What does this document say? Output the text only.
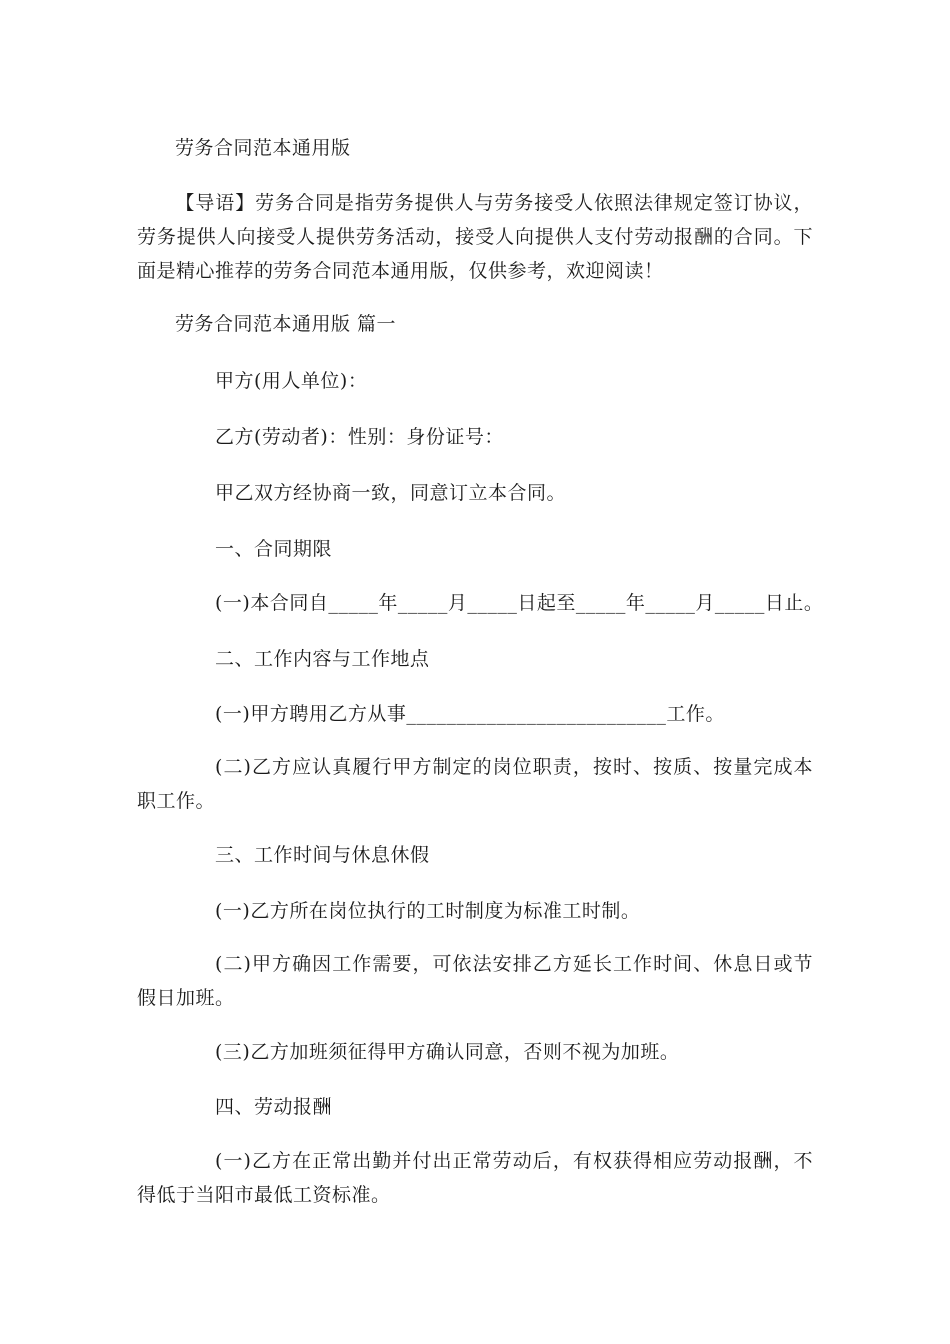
劳务合同范本通用版
【导语】劳务合同是指劳务提供人与劳务接受人依照法律规定签订协议，劳务提供人向接受人提供劳务活动，接受人向提供人支付劳动报酬的合同。下面是精心推荐的劳务合同范本通用版，仅供参考，欢迎阅读！
劳务合同范本通用版 篇一
甲方(用人单位)：
乙方(劳动者)：性别：身份证号：
甲乙双方经协商一致，同意订立本合同。
一、合同期限
(一)本合同自_____年_____月_____日起至_____年_____月_____日止。
二、工作内容与工作地点
(一)甲方聘用乙方从事__________________________工作。
(二)乙方应认真履行甲方制定的岗位职责，按时、按质、按量完成本职工作。
三、工作时间与休息休假
(一)乙方所在岗位执行的工时制度为标准工时制。
(二)甲方确因工作需要，可依法安排乙方延长工作时间、休息日或节假日加班。
(三)乙方加班须征得甲方确认同意，否则不视为加班。
四、劳动报酬
(一)乙方在正常出勤并付出正常劳动后，有权获得相应劳动报酬，不得低于当阳市最低工资标准。
